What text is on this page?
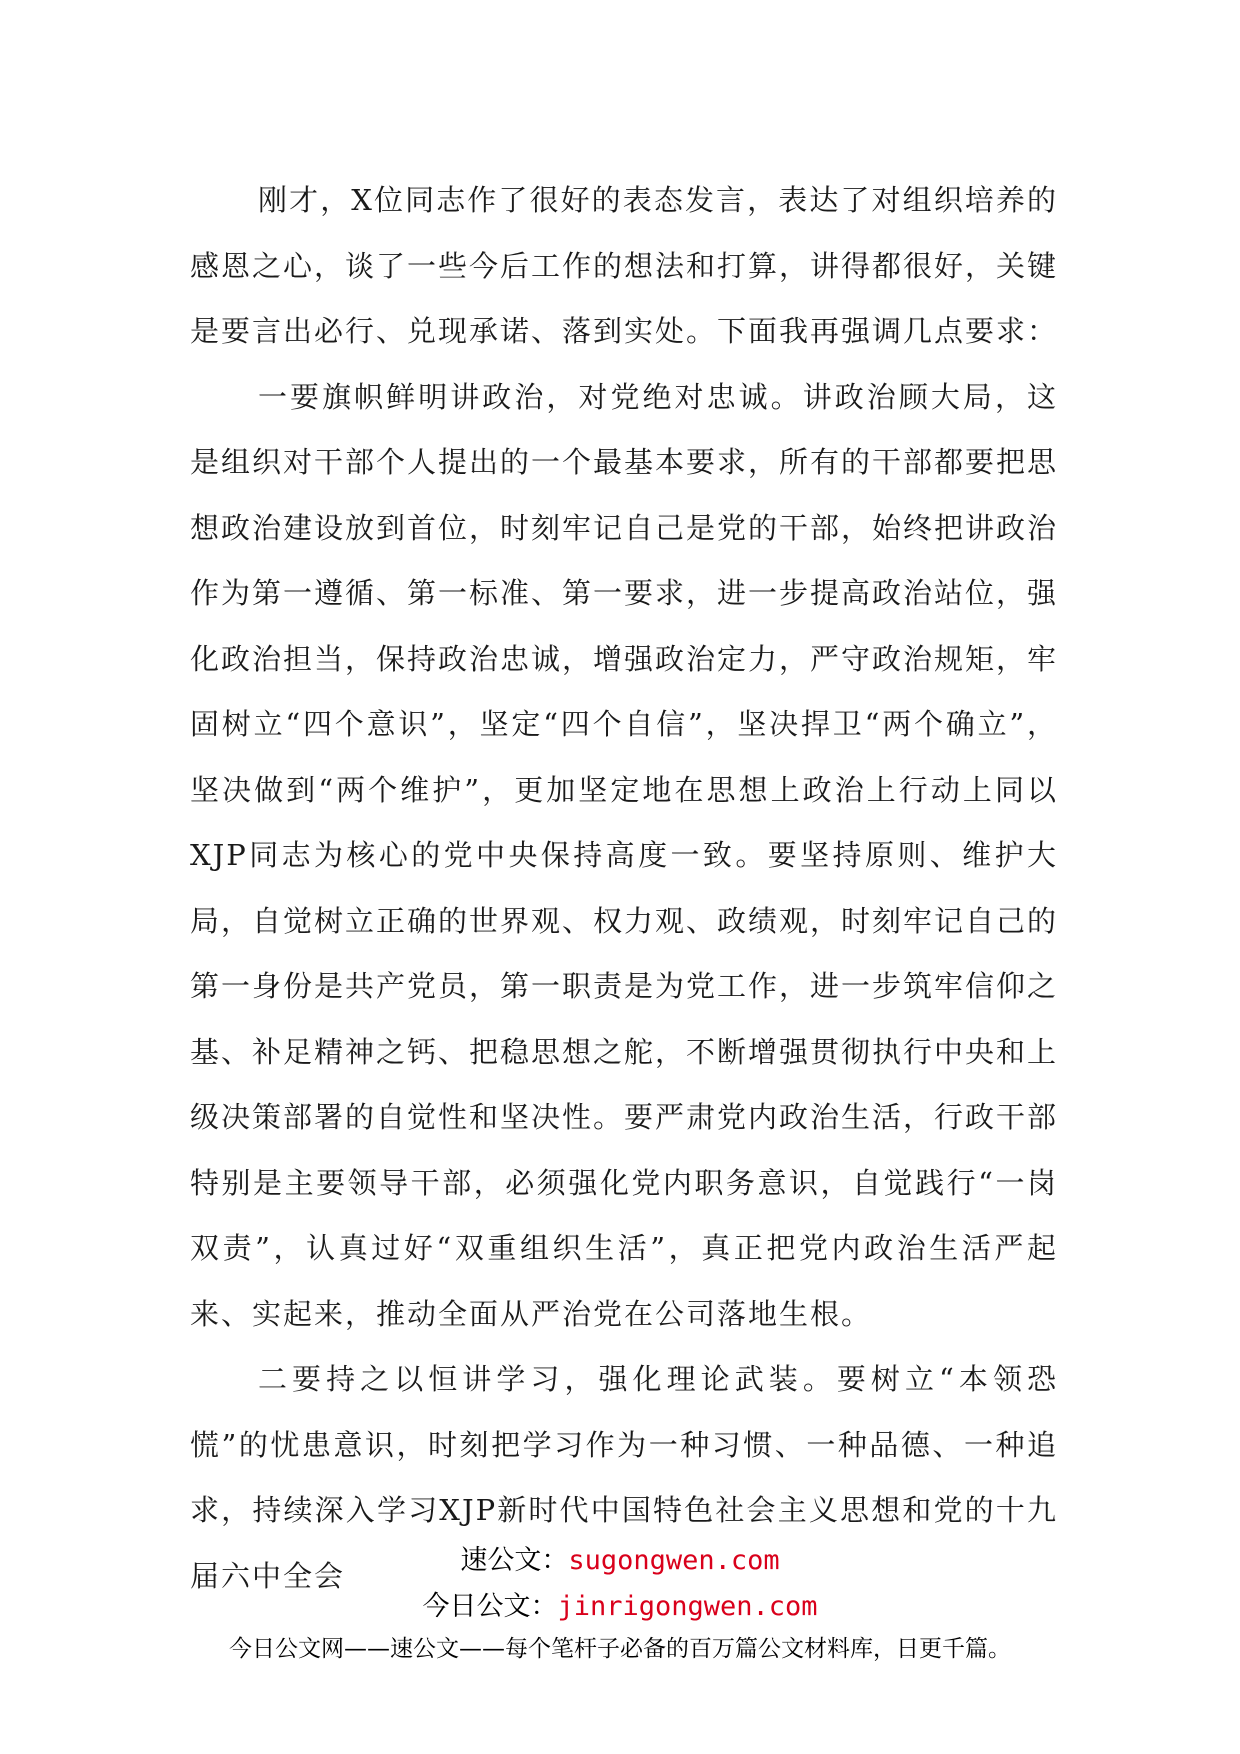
刚才，X位同志作了很好的表态发言，表达了对组织培养的感恩之心，谈了一些今后工作的想法和打算，讲得都很好，关键是要言出必行、兑现承诺、落到实处。下面我再强调几点要求：

一要旗帜鲜明讲政治，对党绝对忠诚。讲政治顾大局，这是组织对干部个人提出的一个最基本要求，所有的干部都要把思想政治建设放到首位，时刻牢记自己是党的干部，始终把讲政治作为第一遵循、第一标准、第一要求，进一步提高政治站位，强化政治担当，保持政治忠诚，增强政治定力，严守政治规矩，牢固树立“四个意识”，坚定“四个自信”，坚决捍卫“两个确立”，坚决做到“两个维护”，更加坚定地在思想上政治上行动上同以XJP同志为核心的党中央保持高度一致。要坚持原则、维护大局，自觉树立正确的世界观、权力观、政绩观，时刻牢记自己的第一身份是共产党员，第一职责是为党工作，进一步筑牢信仰之基、补足精神之钙、把稳思想之舵，不断增强贯彻执行中央和上级决策部署的自觉性和坚决性。要严肃党内政治生活，行政干部特别是主要领导干部，必须强化党内职务意识，自觉践行“一岗双责”，认真过好“双重组织生活”，真正把党内政治生活严起来、实起来，推动全面从严治党在公司落地生根。

二要持之以恒讲学习，强化理论武装。要树立“本领恐慌”的忧患意识，时刻把学习作为一种习惯、一种品德、一种追求，持续深入学习XJP新时代中国特色社会主义思想和党的十九届六中全会	速公文：sugongwen.com
今日公文：jinrigongwen.com
今日公文网——速公文——每个笔杆子必备的百万篇公文材料库，日更千篇。
